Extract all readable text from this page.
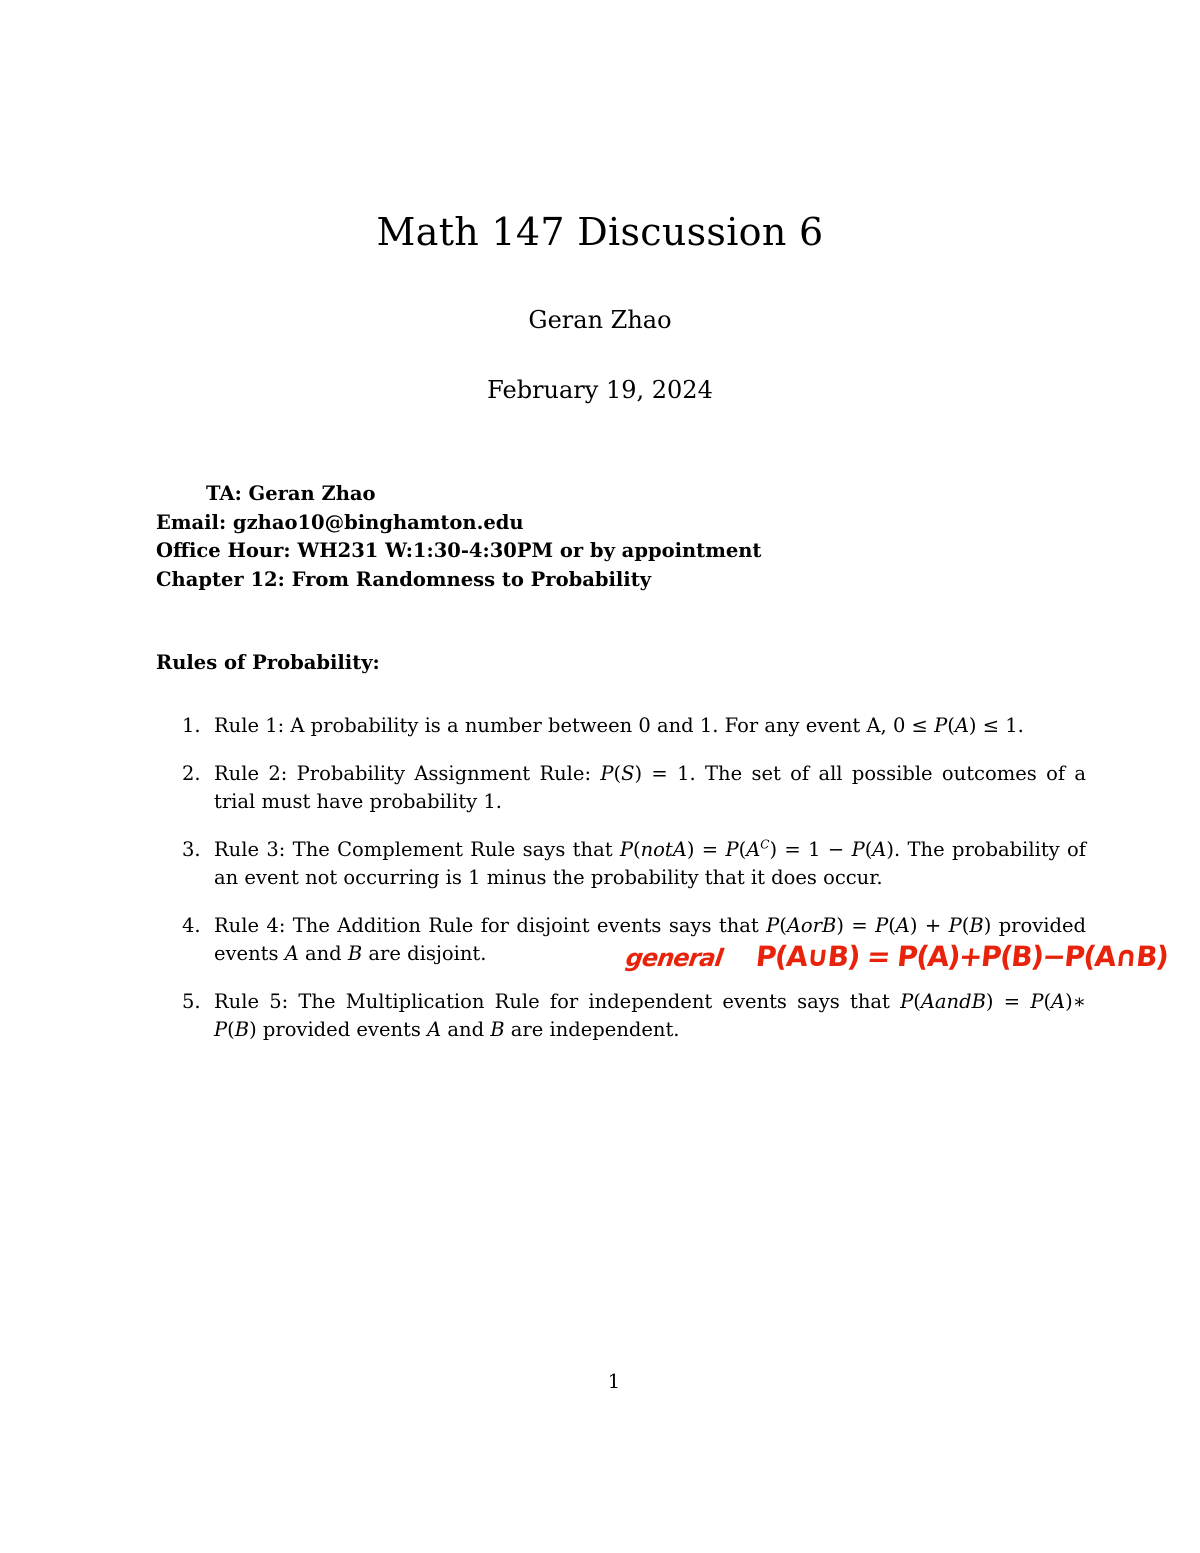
Math 147 Discussion 6
Geran Zhao
February 19, 2024
TA: Geran Zhao
Email: gzhao10@binghamton.edu
Office Hour: WH231 W:1:30-4:30PM or by appointment
Chapter 12: From Randomness to Probability
Rules of Probability:
1. Rule 1: A probability is a number between 0 and 1. For any event A, 0 ≤ P(A) ≤ 1.
2. Rule 2: Probability Assignment Rule: P(S) = 1. The set of all possible outcomes of a trial must have probability 1.
3. Rule 3: The Complement Rule says that P(notA) = $P(A^C) = 1 - P(A)$. The probability of an event not occurring is 1 minus the probability that it does occur.
4. Rule 4: The Addition Rule for disjoint events says that P(AorB) = P(A) + P(B) provided events A and B are disjoint.
5. Rule 5: The Multiplication Rule for independent events says that P(AandB) = P(A)∗ P(B) provided events A and B are independent.
general P(A∪B) = P(A)+P(B)−P(A∩B)
1
